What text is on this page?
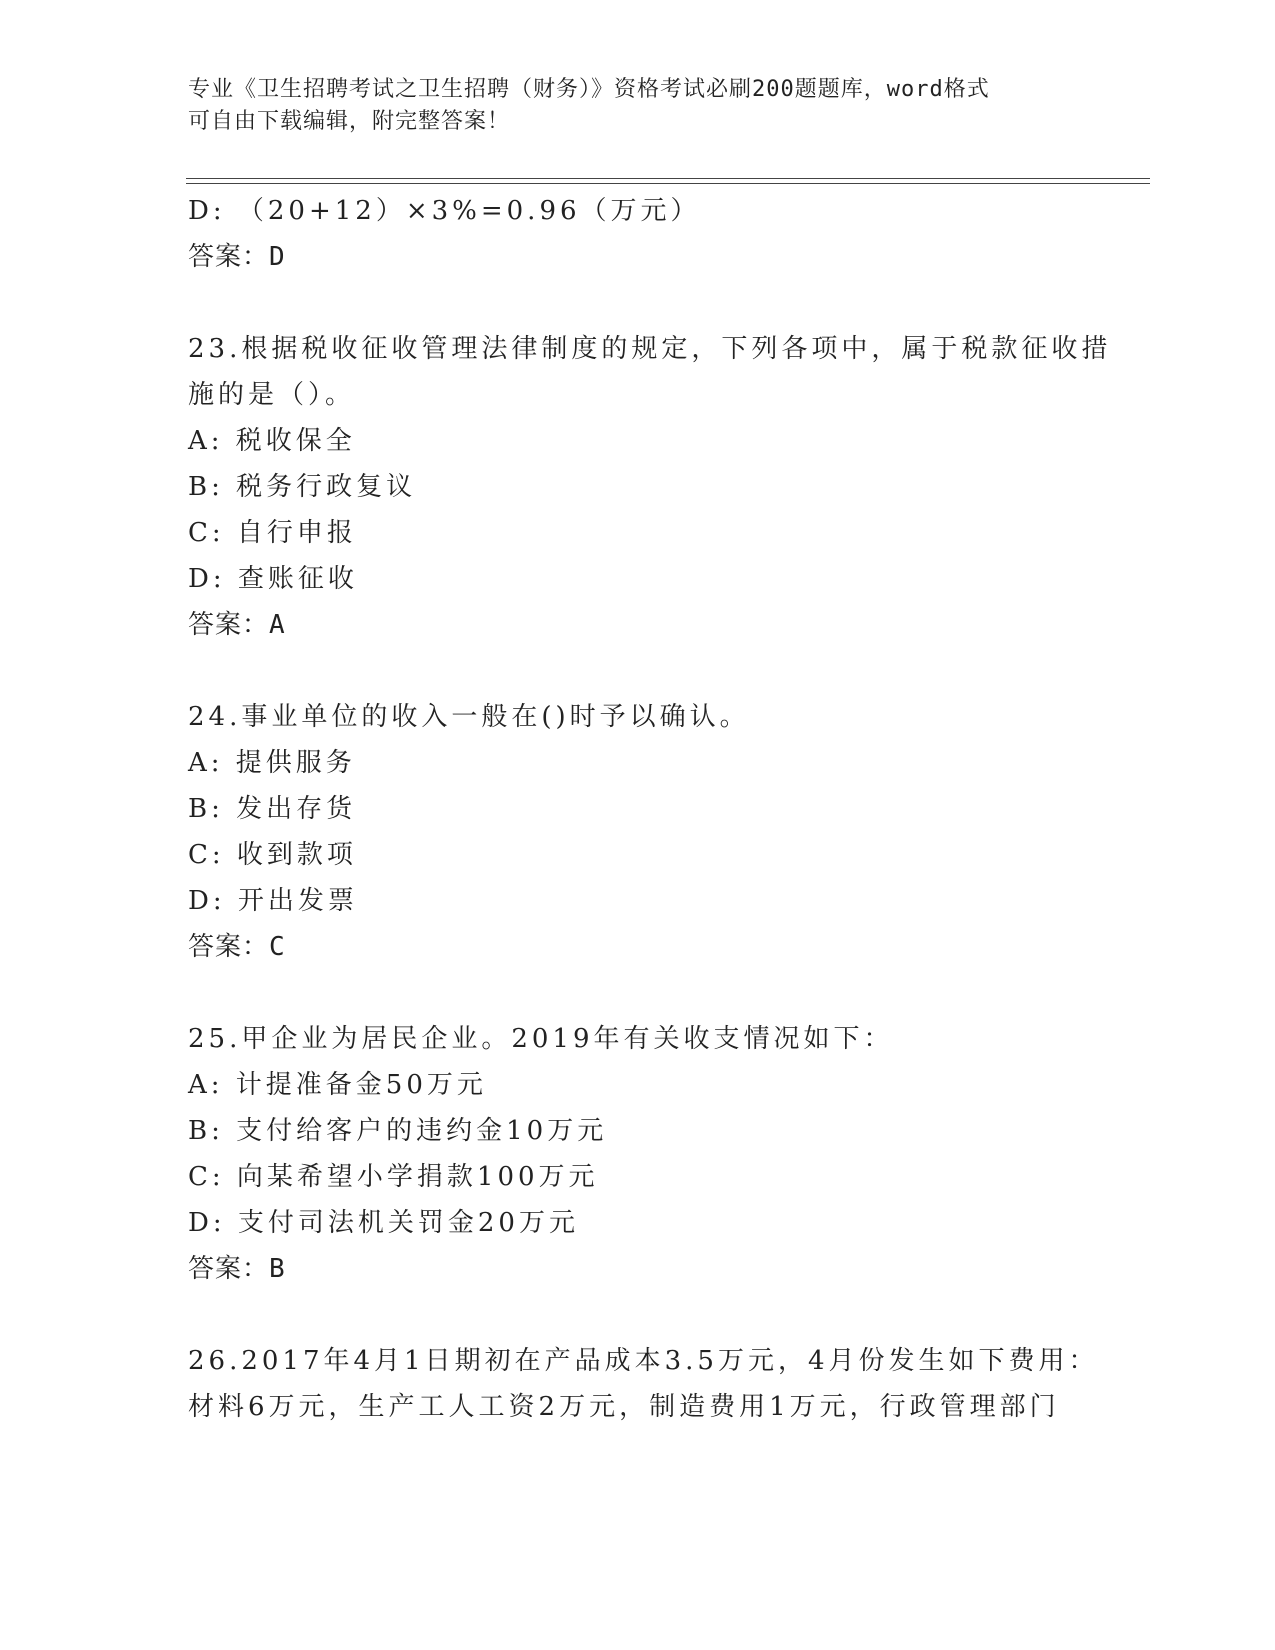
专业《卫生招聘考试之卫生招聘（财务）》资格考试必刷200题题库，word格式
可自由下载编辑，附完整答案！
D: （20+12）×3%=0.96（万元）
答案：D
23.根据税收征收管理法律制度的规定，下列各项中，属于税款征收措
施的是（）。
A: 税收保全
B: 税务行政复议
C: 自行申报
D: 查账征收
答案：A
24.事业单位的收入一般在()时予以确认。
A: 提供服务
B: 发出存货
C: 收到款项
D: 开出发票
答案：C
25.甲企业为居民企业。2019年有关收支情况如下：
A: 计提准备金50万元
B: 支付给客户的违约金10万元
C: 向某希望小学捐款100万元
D: 支付司法机关罚金20万元
答案：B
26.2017年4月1日期初在产品成本3.5万元，4月份发生如下费用：
材料6万元，生产工人工资2万元，制造费用1万元，行政管理部门
